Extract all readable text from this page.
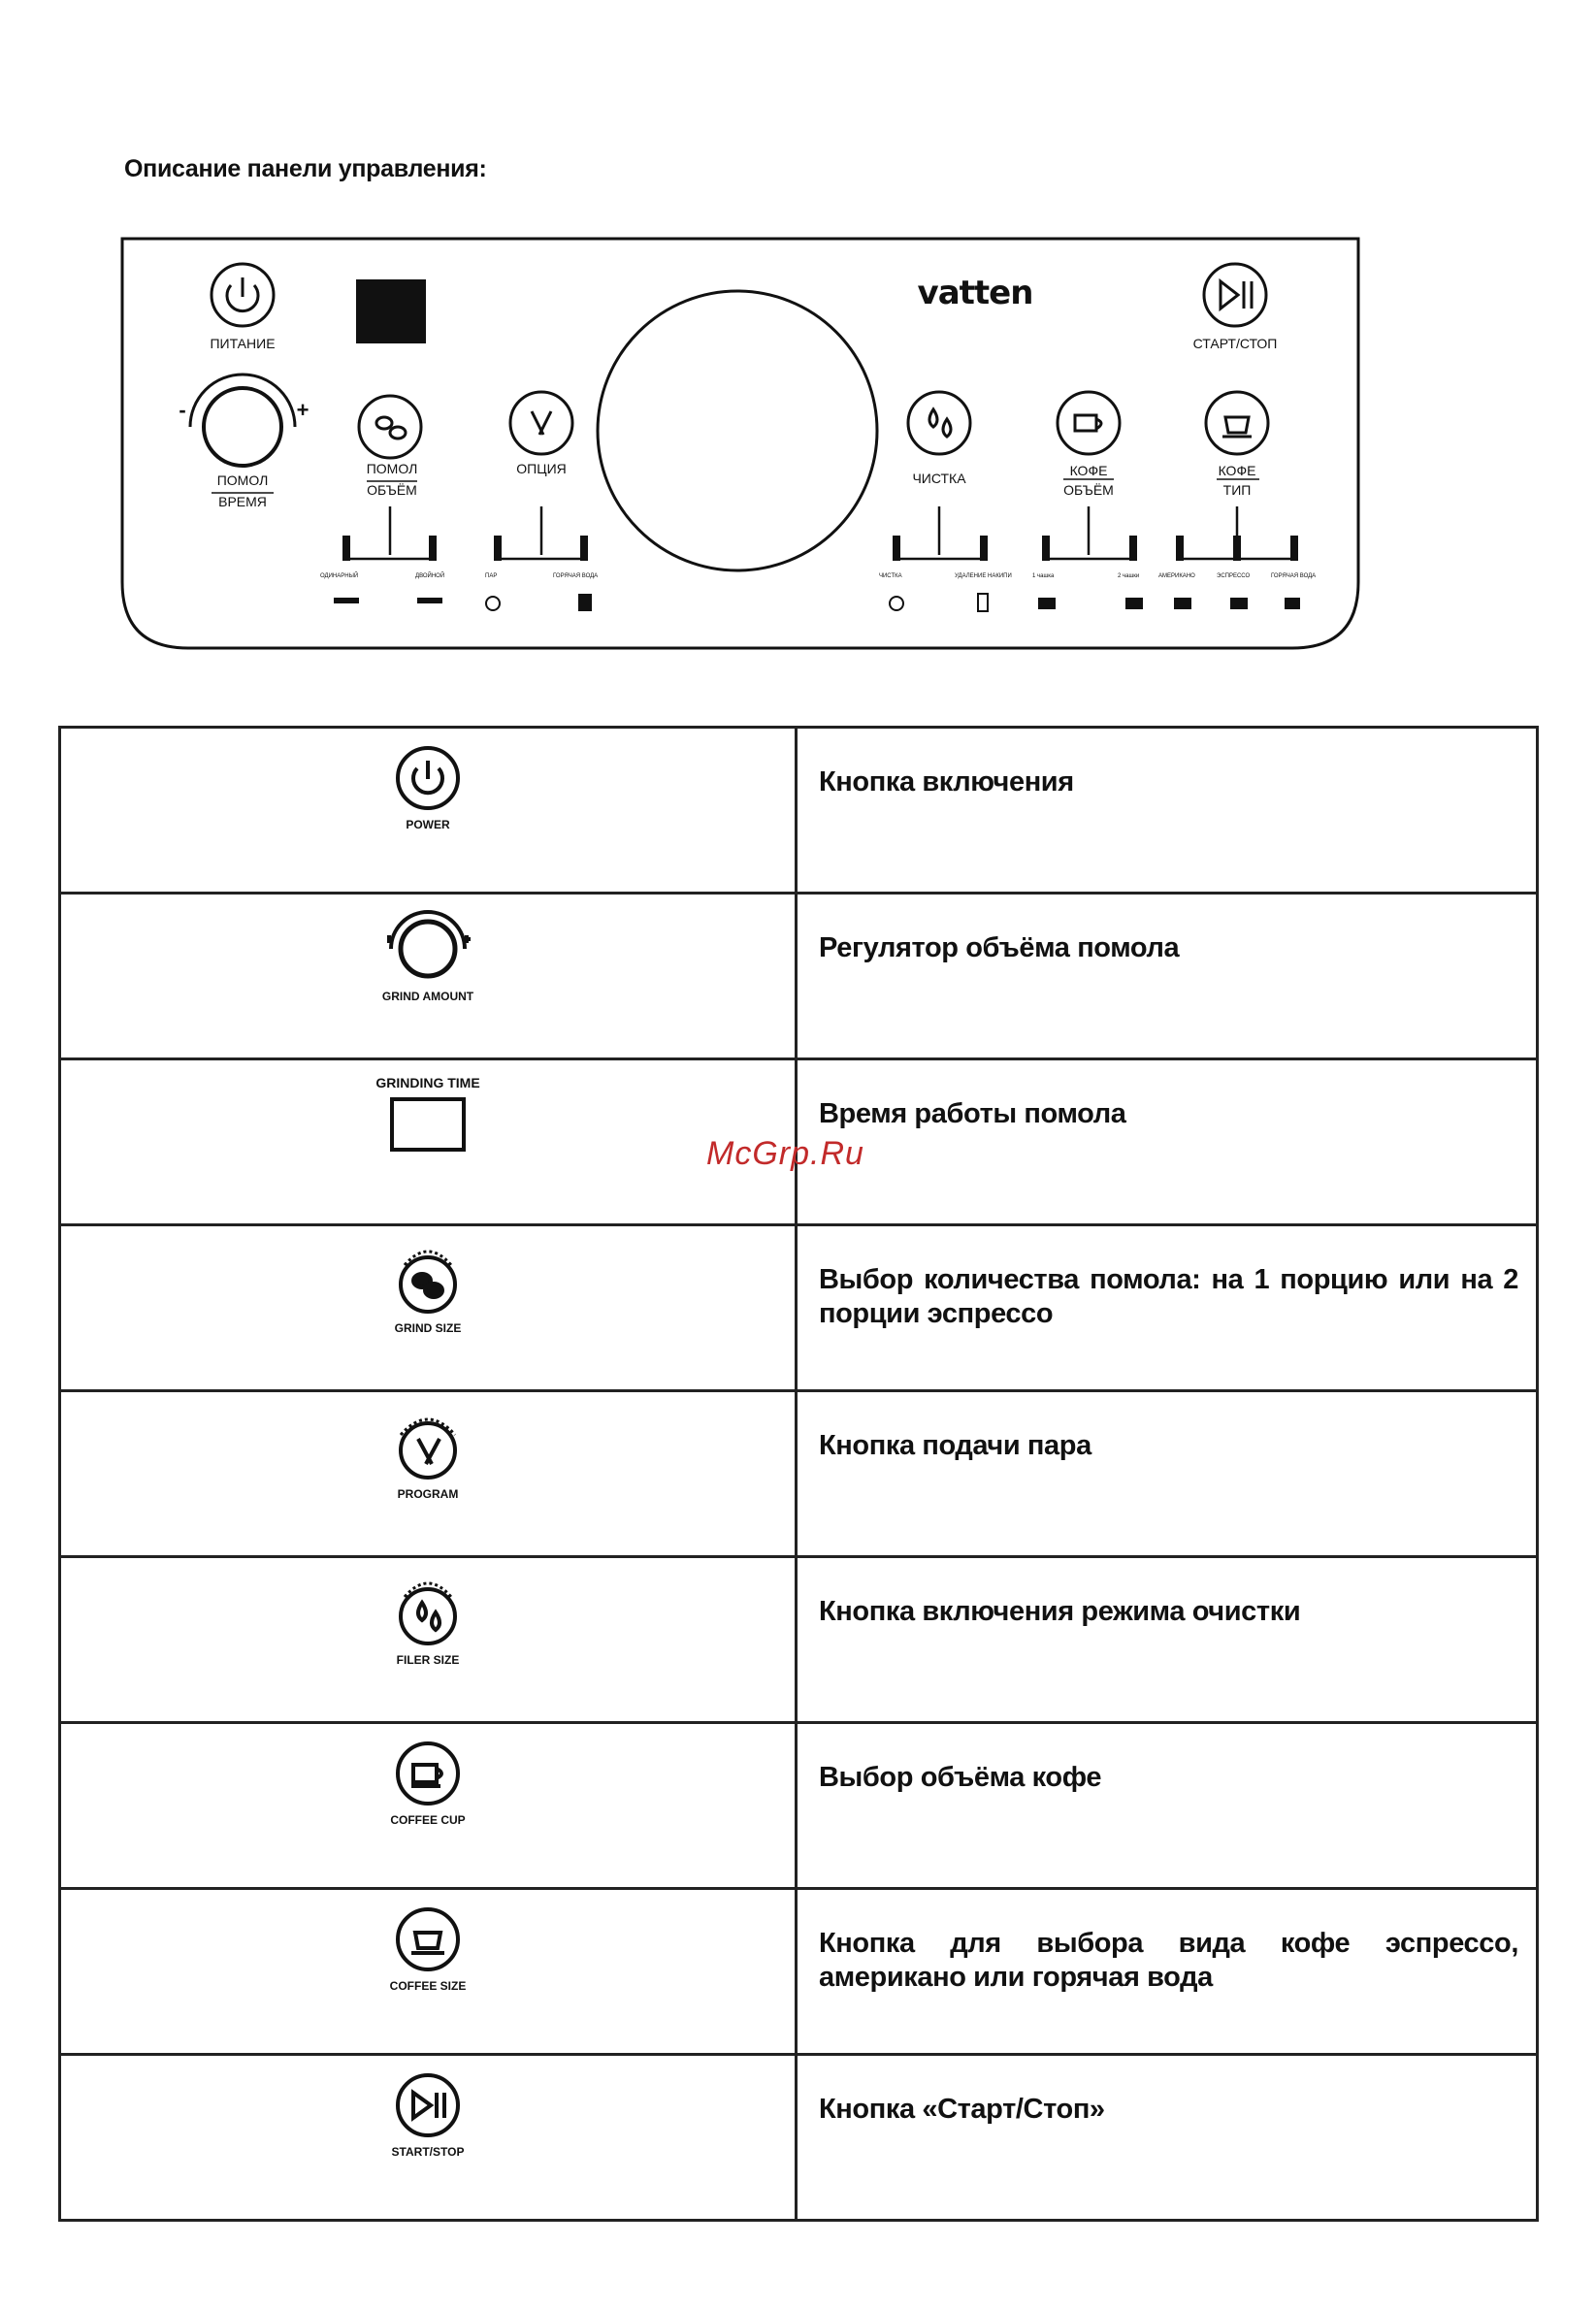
Описание панели управления:
vatten
ПИТАНИЕ	СТАРТ/СТОП
-	+
ПОМОЛ
ВРЕМЯ
ПОМОЛ
ОБЪЁМ
ОПЦИЯ
ЧИСТКА	КОФЕ
ОБЪЁМ
КОФЕ
ТИП
ОДИНАРНЫЙ	ДВОЙНОЙ	ПАР	ГОРЯЧАЯ ВОДА	ЧИСТКА	УДАЛЕНИЕ НАКИПИ	1 чашка	2 чашки	АМЕРИКАНО	ЭСПРЕССО	ГОРЯЧАЯ ВОДА
POWER	Кнопка включения

GRIND AMOUNT	Регулятор объёма помола

GRINDING TIME	Время работы помола

GRIND SIZE	Выбор количества помола: на 1 порцию или на 2 порции эспрессо

PROGRAM	Кнопка подачи пара

FILER SIZE	Кнопка включения режима очистки

COFFEE CUP	Выбор объёма кофе

COFFEE SIZE	Кнопка для выбора вида кофе эспрессо, американо или горячая вода

START/STOP	Кнопка «Старт/Стоп»
McGrp.Ru
